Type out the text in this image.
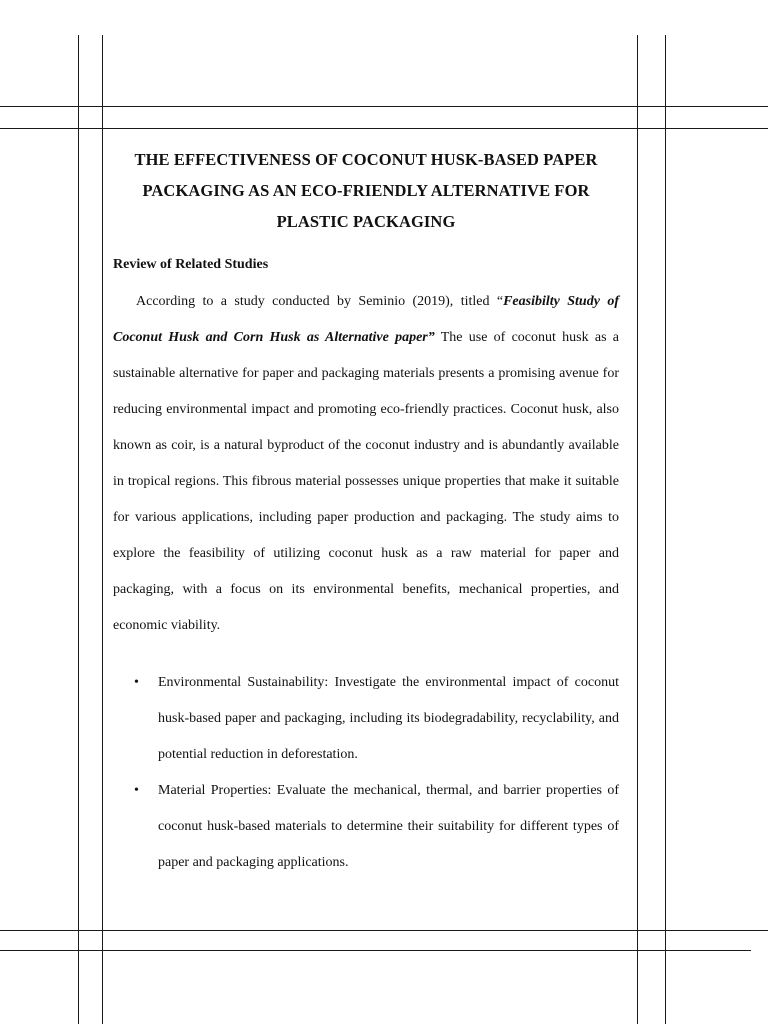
THE EFFECTIVENESS OF COCONUT HUSK-BASED PAPER PACKAGING AS AN ECO-FRIENDLY ALTERNATIVE FOR PLASTIC PACKAGING
Review of Related Studies

According to a study conducted by Seminio (2019), titled “Feasibilty Study of Coconut Husk and Corn Husk as Alternative paper” The use of coconut husk as a sustainable alternative for paper and packaging materials presents a promising avenue for reducing environmental impact and promoting eco-friendly practices. Coconut husk, also known as coir, is a natural byproduct of the coconut industry and is abundantly available in tropical regions. This fibrous material possesses unique properties that make it suitable for various applications, including paper production and packaging. The study aims to explore the feasibility of utilizing coconut husk as a raw material for paper and packaging, with a focus on its environmental benefits, mechanical properties, and economic viability.

• Environmental Sustainability: Investigate the environmental impact of coconut husk-based paper and packaging, including its biodegradability, recyclability, and potential reduction in deforestation.
• Material Properties: Evaluate the mechanical, thermal, and barrier properties of coconut husk-based materials to determine their suitability for different types of paper and packaging applications.
